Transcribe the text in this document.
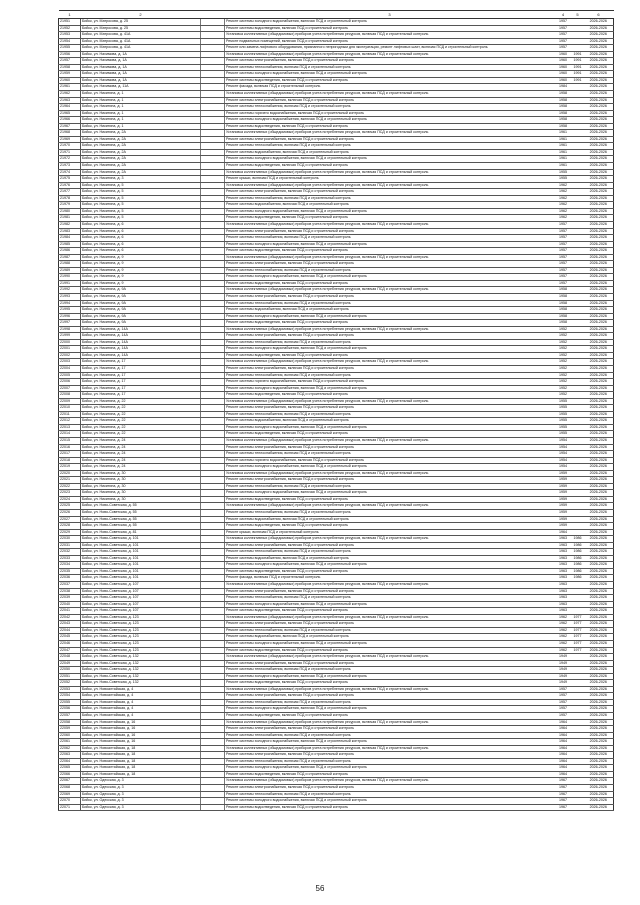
1	2		3	4	5	6
21951	Бийск, ул. Матросова, д. 25		Ремонт системы холодного водоснабжения, включая ПСД и строительный контроль	1957		2026-2026
21952	Бийск, ул. Матросова, д. 25		Ремонт системы водоотведения, включая ПСД и строительный контроль	1957		2026-2026
21953	Бийск, ул. Матросова, д. 41А		Установка коллективных (общедомовых) приборов учета потребления ресурсов, включая ПСД и строительный контроль	1957		2026-2026
21954	Бийск, ул. Матросова, д. 41А		Ремонт подвальных помещений, включая ПСД и строительный контроль	1957		2026-2026
21955	Бийск, ул. Матросова, д. 41А		Ремонт или замена лифтового оборудования, признанного непригодным для эксплуатации, ремонт лифтовых шахт, включая ПСД и строительный контроль	1957		2026-2026
21956	Бийск, ул. Нахимова, д. 1А		Установка коллективных (общедомовых) приборов учета потребления ресурсов, включая ПСД и строительный контроль	1960	1991	2026-2026
21957	Бийск, ул. Нахимова, д. 1А		Ремонт системы электроснабжения, включая ПСД и строительный контроль	1960	1991	2026-2026
21958	Бийск, ул. Нахимова, д. 1А		Ремонт системы теплоснабжения, включая ПСД и строительный контроль	1960	1991	2026-2026
21959	Бийск, ул. Нахимова, д. 1А		Ремонт системы холодного водоснабжения, включая ПСД и строительный контроль	1960	1991	2026-2026
21960	Бийск, ул. Нахимова, д. 1А		Ремонт системы водоотведения, включая ПСД и строительный контроль	1960	1991	2026-2026
21961	Бийск, ул. Нахимова, д. 11А		Ремонт фасада, включая ПСД и строительный контроль	1984		2026-2026
21962	Бийск, ул. Никитина, д. 1		Установка коллективных (общедомовых) приборов учета потребления ресурсов, включая ПСД и строительный контроль	1958		2026-2026
21963	Бийск, ул. Никитина, д. 1		Ремонт системы электроснабжения, включая ПСД и строительный контроль	1958		2026-2026
21964	Бийск, ул. Никитина, д. 1		Ремонт системы теплоснабжения, включая ПСД и строительный контроль	1958		2026-2026
21965	Бийск, ул. Никитина, д. 1		Ремонт системы горячего водоснабжения, включая ПСД и строительный контроль	1958		2026-2026
21966	Бийск, ул. Никитина, д. 1		Ремонт системы холодного водоснабжения, включая ПСД и строительный контроль	1958		2026-2026
21967	Бийск, ул. Никитина, д. 1		Ремонт системы водоотведения, включая ПСД и строительный контроль	1958		2026-2026
21968	Бийск, ул. Никитина, д. 2А		Установка коллективных (общедомовых) приборов учета потребления ресурсов, включая ПСД и строительный контроль	1961		2026-2026
21969	Бийск, ул. Никитина, д. 2А		Ремонт системы электроснабжения, включая ПСД и строительный контроль	1961		2026-2026
21970	Бийск, ул. Никитина, д. 2А		Ремонт системы теплоснабжения, включая ПСД и строительный контроль	1961		2026-2026
21971	Бийск, ул. Никитина, д. 2А		Ремонт системы водоснабжения, включая ПСД и строительный контроль	1961		2026-2026
21972	Бийск, ул. Никитина, д. 2А		Ремонт системы холодного водоснабжения, включая ПСД и строительный контроль	1961		2026-2026
21973	Бийск, ул. Никитина, д. 2А		Ремонт системы водоотведения, включая ПСД и строительный контроль	1961		2026-2026
21974	Бийск, ул. Никитина, д. 2А		Установка коллективных (общедомовых) приборов учета потребления ресурсов, включая ПСД и строительный контроль	1955		2026-2026
21975	Бийск, ул. Никитина, д. 3		Ремонт крыши, включая ПСД и строительный контроль	1955		2026-2026
21976	Бийск, ул. Никитина, д. 5		Установка коллективных (общедомовых) приборов учета потребления ресурсов, включая ПСД и строительный контроль	1962		2026-2026
21977	Бийск, ул. Никитина, д. 5		Ремонт системы электроснабжения, включая ПСД и строительный контроль	1962		2026-2026
21978	Бийск, ул. Никитина, д. 5		Ремонт системы теплоснабжения, включая ПСД и строительный контроль	1962		2026-2026
21979	Бийск, ул. Никитина, д. 5		Ремонт системы водоснабжения, включая ПСД и строительный контроль	1962		2026-2026
21980	Бийск, ул. Никитина, д. 5		Ремонт системы холодного водоснабжения, включая ПСД и строительный контроль	1962		2026-2026
21981	Бийск, ул. Никитина, д. 5		Ремонт системы водоотведения, включая ПСД и строительный контроль	1962		2026-2026
21982	Бийск, ул. Никитина, д. 6		Установка коллективных (общедомовых) приборов учета потребления ресурсов, включая ПСД и строительный контроль	1957		2026-2026
21983	Бийск, ул. Никитина, д. 6		Ремонт системы электроснабжения, включая ПСД и строительный контроль	1957		2026-2026
21984	Бийск, ул. Никитина, д. 6		Ремонт системы теплоснабжения, включая ПСД и строительный контроль	1957		2026-2026
21985	Бийск, ул. Никитина, д. 6		Ремонт системы холодного водоснабжения, включая ПСД и строительный контроль	1957		2026-2026
21986	Бийск, ул. Никитина, д. 6		Ремонт системы водоотведения, включая ПСД и строительный контроль	1957		2026-2026
21987	Бийск, ул. Никитина, д. 9		Установка коллективных (общедомовых) приборов учета потребления ресурсов, включая ПСД и строительный контроль	1957		2026-2026
21988	Бийск, ул. Никитина, д. 9		Ремонт системы электроснабжения, включая ПСД и строительный контроль	1957		2026-2026
21989	Бийск, ул. Никитина, д. 9		Ремонт системы теплоснабжения, включая ПСД и строительный контроль	1957		2026-2026
21990	Бийск, ул. Никитина, д. 9		Ремонт системы холодного водоснабжения, включая ПСД и строительный контроль	1957		2026-2026
21991	Бийск, ул. Никитина, д. 9		Ремонт системы водоотведения, включая ПСД и строительный контроль	1957		2026-2026
21992	Бийск, ул. Никитина, д. 9А		Установка коллективных (общедомовых) приборов учета потребления ресурсов, включая ПСД и строительный контроль	1958		2026-2026
21993	Бийск, ул. Никитина, д. 9А		Ремонт системы электроснабжения, включая ПСД и строительный контроль	1958		2026-2026
21994	Бийск, ул. Никитина, д. 9А		Ремонт системы теплоснабжения, включая ПСД и строительный контроль	1958		2026-2026
21995	Бийск, ул. Никитина, д. 9А		Ремонт системы водоснабжения, включая ПСД и строительный контроль	1958		2026-2026
21996	Бийск, ул. Никитина, д. 9А		Ремонт системы холодного водоснабжения, включая ПСД и строительный контроль	1958		2026-2026
21997	Бийск, ул. Никитина, д. 9А		Ремонт системы водоотведения, включая ПСД и строительный контроль	1958		2026-2026
21998	Бийск, ул. Никитина, д. 14А		Установка коллективных (общедомовых) приборов учета потребления ресурсов, включая ПСД и строительный контроль	1952		2026-2026
21999	Бийск, ул. Никитина, д. 14А		Ремонт системы электроснабжения, включая ПСД и строительный контроль	1952		2026-2026
22000	Бийск, ул. Никитина, д. 14А		Ремонт системы теплоснабжения, включая ПСД и строительный контроль	1952		2026-2026
22001	Бийск, ул. Никитина, д. 14А		Ремонт системы холодного водоснабжения, включая ПСД и строительный контроль	1952		2026-2026
22002	Бийск, ул. Никитина, д. 14А		Ремонт системы водоотведения, включая ПСД и строительный контроль	1952		2026-2026
22003	Бийск, ул. Никитина, д. 17		Установка коллективных (общедомовых) приборов учета потребления ресурсов, включая ПСД и строительный контроль	1952		2026-2026
22004	Бийск, ул. Никитина, д. 17		Ремонт системы электроснабжения, включая ПСД и строительный контроль	1952		2026-2026
22005	Бийск, ул. Никитина, д. 17		Ремонт системы теплоснабжения, включая ПСД и строительный контроль	1952		2026-2026
22006	Бийск, ул. Никитина, д. 17		Ремонт системы горячего водоснабжения, включая ПСД и строительный контроль	1952		2026-2026
22007	Бийск, ул. Никитина, д. 17		Ремонт системы холодного водоснабжения, включая ПСД и строительный контроль	1952		2026-2026
22008	Бийск, ул. Никитина, д. 17		Ремонт системы водоотведения, включая ПСД и строительный контроль	1952		2026-2026
22009	Бийск, ул. Никитина, д. 22		Установка коллективных (общедомовых) приборов учета потребления ресурсов, включая ПСД и строительный контроль	1955		2026-2026
22010	Бийск, ул. Никитина, д. 22		Ремонт системы электроснабжения, включая ПСД и строительный контроль	1955		2026-2026
22011	Бийск, ул. Никитина, д. 22		Ремонт системы теплоснабжения, включая ПСД и строительный контроль	1955		2026-2026
22012	Бийск, ул. Никитина, д. 22		Ремонт системы водоснабжения, включая ПСД и строительный контроль	1955		2026-2026
22013	Бийск, ул. Никитина, д. 22		Ремонт системы холодного водоснабжения, включая ПСД и строительный контроль	1955		2026-2026
22014	Бийск, ул. Никитина, д. 22		Ремонт системы водоотведения, включая ПСД и строительный контроль	1955		2026-2026
22015	Бийск, ул. Никитина, д. 24		Установка коллективных (общедомовых) приборов учета потребления ресурсов, включая ПСД и строительный контроль	1954		2026-2026
22016	Бийск, ул. Никитина, д. 24		Ремонт системы электроснабжения, включая ПСД и строительный контроль	1954		2026-2026
22017	Бийск, ул. Никитина, д. 24		Ремонт системы теплоснабжения, включая ПСД и строительный контроль	1954		2026-2026
22018	Бийск, ул. Никитина, д. 24		Ремонт системы горячего водоснабжения, включая ПСД и строительный контроль	1954		2026-2026
22019	Бийск, ул. Никитина, д. 24		Ремонт системы холодного водоснабжения, включая ПСД и строительный контроль	1954		2026-2026
22020	Бийск, ул. Никитина, д. 30		Установка коллективных (общедомовых) приборов учета потребления ресурсов, включая ПСД и строительный контроль	1959		2026-2026
22021	Бийск, ул. Никитина, д. 30		Ремонт системы электроснабжения, включая ПСД и строительный контроль	1959		2026-2026
22022	Бийск, ул. Никитина, д. 30		Ремонт системы теплоснабжения, включая ПСД и строительный контроль	1959		2026-2026
22023	Бийск, ул. Никитина, д. 30		Ремонт системы холодного водоснабжения, включая ПСД и строительный контроль	1959		2026-2026
22024	Бийск, ул. Никитина, д. 30		Ремонт системы водоотведения, включая ПСД и строительный контроль	1959		2026-2026
22025	Бийск, ул. Ново-Советская, д. 55		Установка коллективных (общедомовых) приборов учета потребления ресурсов, включая ПСД и строительный контроль	1959		2026-2026
22026	Бийск, ул. Ново-Советская, д. 55		Ремонт системы теплоснабжения, включая ПСД и строительный контроль	1959		2026-2026
22027	Бийск, ул. Ново-Советская, д. 55		Ремонт системы водоснабжения, включая ПСД и строительный контроль	1959		2026-2026
22028	Бийск, ул. Ново-Советская, д. 55		Ремонт системы водоотведения, включая ПСД и строительный контроль	1959		2026-2026
22029	Бийск, ул. Ново-Советская, д. 81		Ремонт крыши, включая ПСД и строительный контроль	1964		2026-2026
22030	Бийск, ул. Ново-Советская, д. 101		Установка коллективных (общедомовых) приборов учета потребления ресурсов, включая ПСД и строительный контроль	1963	1986	2026-2026
22031	Бийск, ул. Ново-Советская, д. 101		Ремонт системы электроснабжения, включая ПСД и строительный контроль	1963	1986	2026-2026
22032	Бийск, ул. Ново-Советская, д. 101		Ремонт системы теплоснабжения, включая ПСД и строительный контроль	1963	1986	2026-2026
22033	Бийск, ул. Ново-Советская, д. 101		Ремонт системы водоснабжения, включая ПСД и строительный контроль	1963	1986	2026-2026
22034	Бийск, ул. Ново-Советская, д. 101		Ремонт системы холодного водоснабжения, включая ПСД и строительный контроль	1963	1986	2026-2026
22035	Бийск, ул. Ново-Советская, д. 101		Ремонт системы водоотведения, включая ПСД и строительный контроль	1963	1986	2026-2026
22036	Бийск, ул. Ново-Советская, д. 101		Ремонт фасада, включая ПСД и строительный контроль	1963	1986	2026-2026
22037	Бийск, ул. Ново-Советская, д. 107		Установка коллективных (общедомовых) приборов учета потребления ресурсов, включая ПСД и строительный контроль	1963		2026-2026
22038	Бийск, ул. Ново-Советская, д. 107		Ремонт системы электроснабжения, включая ПСД и строительный контроль	1963		2026-2026
22039	Бийск, ул. Ново-Советская, д. 107		Ремонт системы теплоснабжения, включая ПСД и строительный контроль	1963		2026-2026
22040	Бийск, ул. Ново-Советская, д. 107		Ремонт системы холодного водоснабжения, включая ПСД и строительный контроль	1963		2026-2026
22041	Бийск, ул. Ново-Советская, д. 107		Ремонт системы водоотведения, включая ПСД и строительный контроль	1963		2026-2026
22042	Бийск, ул. Ново-Советская, д. 123		Установка коллективных (общедомовых) приборов учета потребления ресурсов, включая ПСД и строительный контроль	1962	1977	2026-2026
22043	Бийск, ул. Ново-Советская, д. 123		Ремонт системы электроснабжения, включая ПСД и строительный контроль	1962	1977	2026-2026
22044	Бийск, ул. Ново-Советская, д. 123		Ремонт системы теплоснабжения, включая ПСД и строительный контроль	1962	1977	2026-2026
22045	Бийск, ул. Ново-Советская, д. 123		Ремонт системы водоснабжения, включая ПСД и строительный контроль	1962	1977	2026-2026
22046	Бийск, ул. Ново-Советская, д. 123		Ремонт системы холодного водоснабжения, включая ПСД и строительный контроль	1962	1977	2026-2026
22047	Бийск, ул. Ново-Советская, д. 123		Ремонт системы водоотведения, включая ПСД и строительный контроль	1962	1977	2026-2026
22048	Бийск, ул. Ново-Советская, д. 132		Установка коллективных (общедомовых) приборов учета потребления ресурсов, включая ПСД и строительный контроль	1949		2026-2026
22049	Бийск, ул. Ново-Советская, д. 132		Ремонт системы электроснабжения, включая ПСД и строительный контроль	1949		2026-2026
22050	Бийск, ул. Ново-Советская, д. 132		Ремонт системы теплоснабжения, включая ПСД и строительный контроль	1949		2026-2026
22051	Бийск, ул. Ново-Советская, д. 132		Ремонт системы холодного водоснабжения, включая ПСД и строительный контроль	1949		2026-2026
22052	Бийск, ул. Ново-Советская, д. 132		Ремонт системы водоотведения, включая ПСД и строительный контроль	1949		2026-2026
22053	Бийск, ул. Новоалтайская, д. 4		Установка коллективных (общедомовых) приборов учета потребления ресурсов, включая ПСД и строительный контроль	1957		2026-2026
22054	Бийск, ул. Новоалтайская, д. 4		Ремонт системы электроснабжения, включая ПСД и строительный контроль	1957		2026-2026
22055	Бийск, ул. Новоалтайская, д. 4		Ремонт системы теплоснабжения, включая ПСД и строительный контроль	1957		2026-2026
22056	Бийск, ул. Новоалтайская, д. 4		Ремонт системы холодного водоснабжения, включая ПСД и строительный контроль	1957		2026-2026
22057	Бийск, ул. Новоалтайская, д. 4		Ремонт системы водоотведения, включая ПСД и строительный контроль	1957		2026-2026
22058	Бийск, ул. Новоалтайская, д. 16		Установка коллективных (общедомовых) приборов учета потребления ресурсов, включая ПСД и строительный контроль	1964		2026-2026
22059	Бийск, ул. Новоалтайская, д. 16		Ремонт системы электроснабжения, включая ПСД и строительный контроль	1964		2026-2026
22060	Бийск, ул. Новоалтайская, д. 16		Ремонт системы теплоснабжения, включая ПСД и строительный контроль	1964		2026-2026
22061	Бийск, ул. Новоалтайская, д. 16		Ремонт системы холодного водоснабжения, включая ПСД и строительный контроль	1964		2026-2026
22062	Бийск, ул. Новоалтайская, д. 18		Установка коллективных (общедомовых) приборов учета потребления ресурсов, включая ПСД и строительный контроль	1964		2026-2026
22063	Бийск, ул. Новоалтайская, д. 18		Ремонт системы электроснабжения, включая ПСД и строительный контроль	1964		2026-2026
22064	Бийск, ул. Новоалтайская, д. 18		Ремонт системы теплоснабжения, включая ПСД и строительный контроль	1964		2026-2026
22065	Бийск, ул. Новоалтайская, д. 18		Ремонт системы холодного водоснабжения, включая ПСД и строительный контроль	1964		2026-2026
22066	Бийск, ул. Новоалтайская, д. 18		Ремонт системы водоотведения, включая ПСД и строительный контроль	1964		2026-2026
22067	Бийск, ул. Одесская, д. 3		Установка коллективных (общедомовых) приборов учета потребления ресурсов, включая ПСД и строительный контроль	1967		2026-2026
22068	Бийск, ул. Одесская, д. 3		Ремонт системы электроснабжения, включая ПСД и строительный контроль	1967		2026-2026
22069	Бийск, ул. Одесская, д. 3		Ремонт системы теплоснабжения, включая ПСД и строительный контроль	1967		2026-2026
22070	Бийск, ул. Одесская, д. 3		Ремонт системы холодного водоснабжения, включая ПСД и строительный контроль	1967		2026-2026
22071	Бийск, ул. Одесская, д. 3		Ремонт системы водоотведения, включая ПСД и строительный контроль	1967		2026-2026
56
